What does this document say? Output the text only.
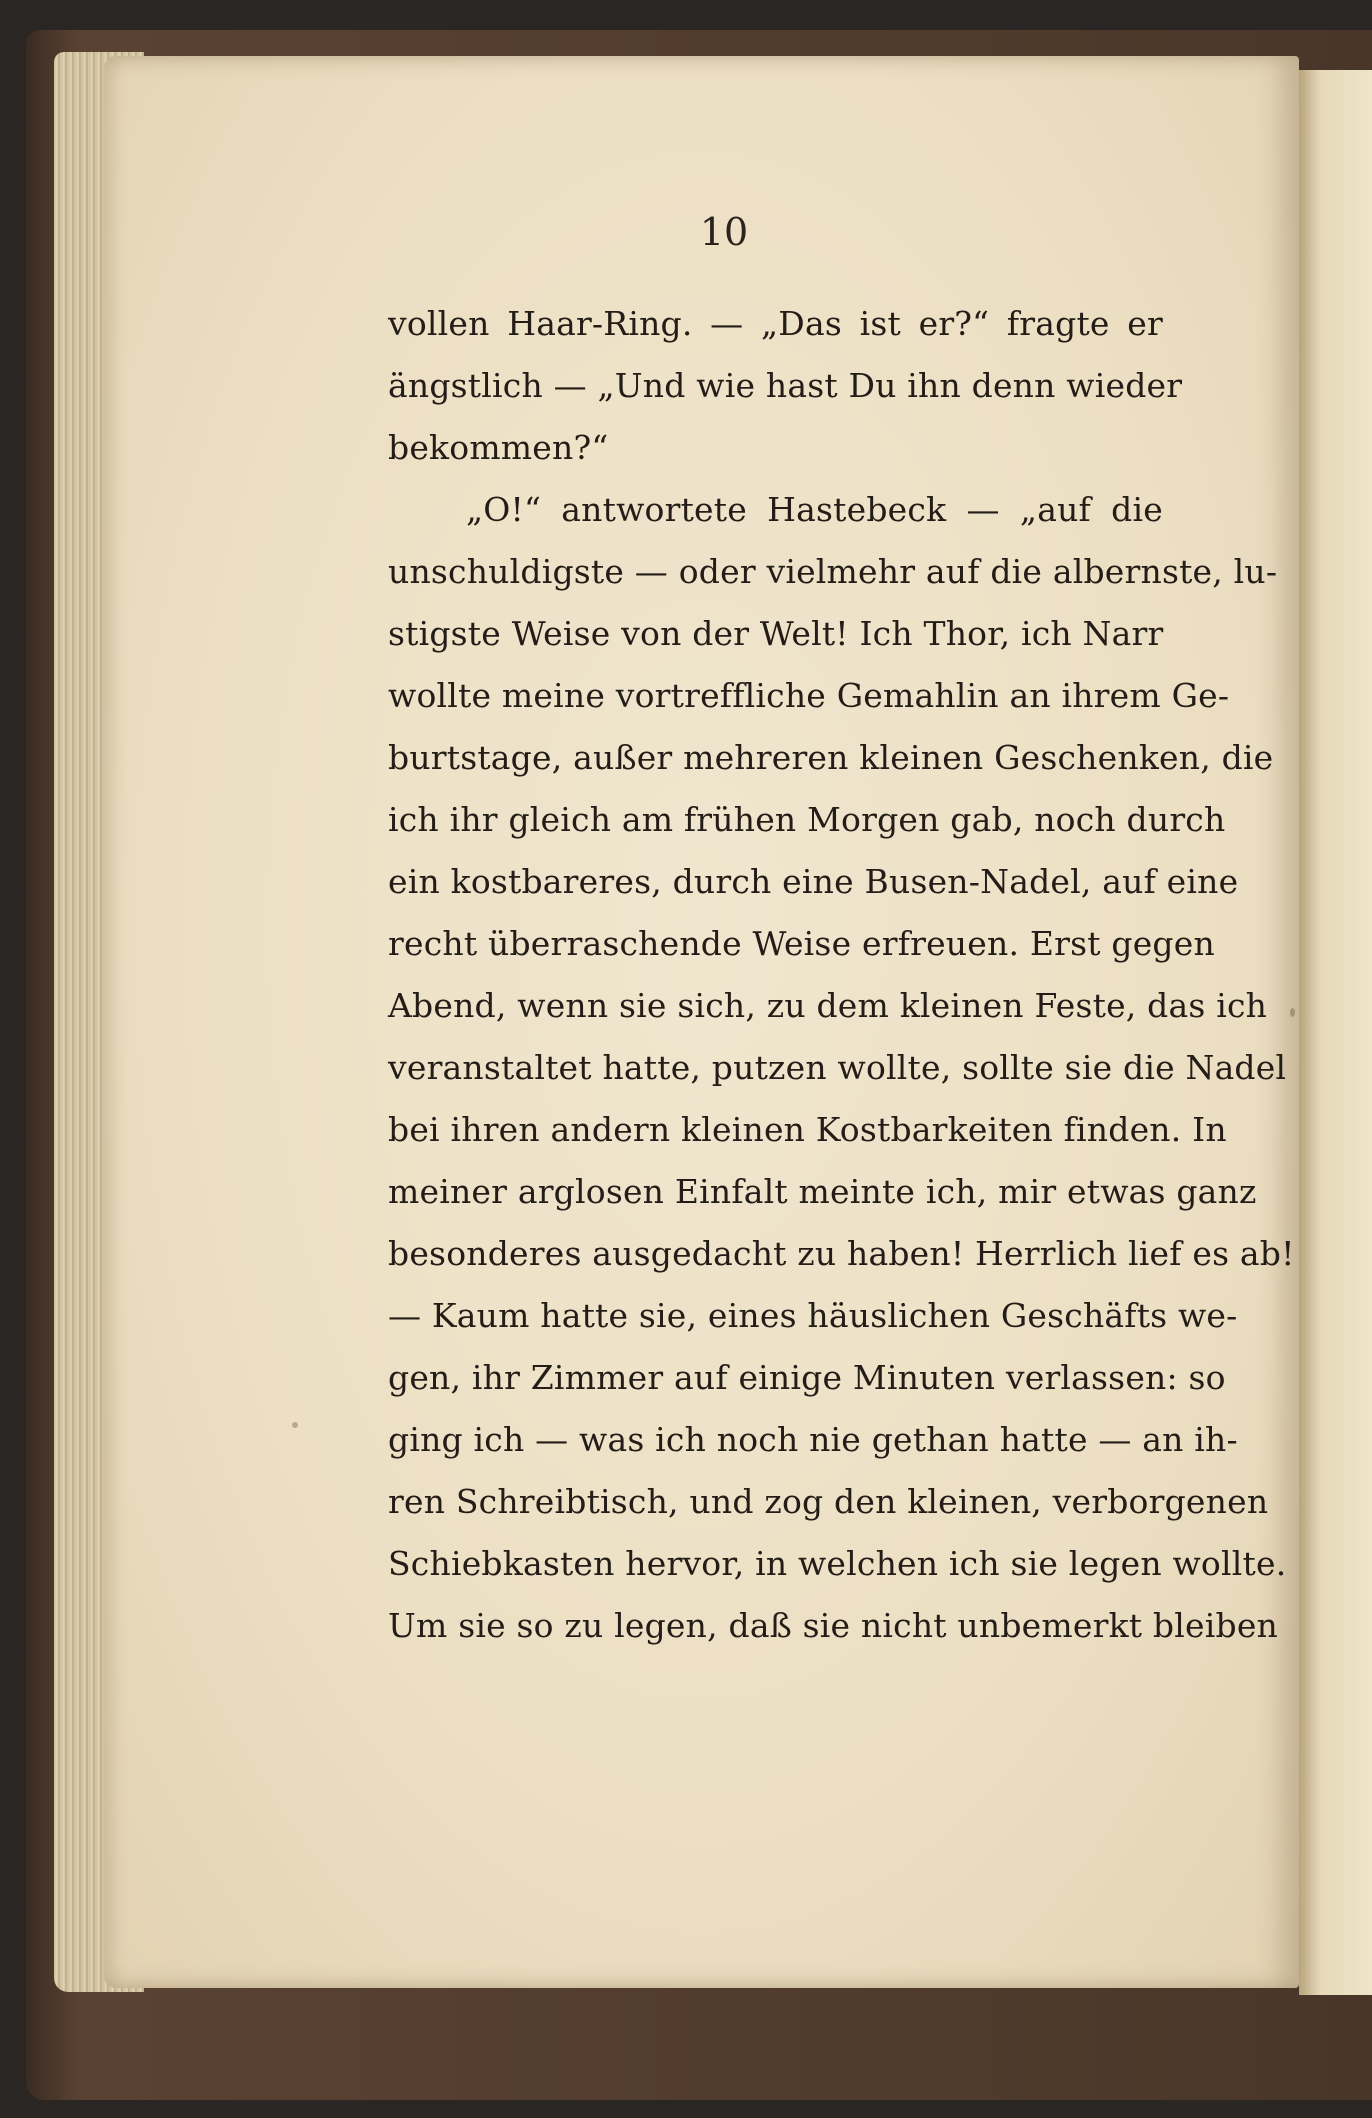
10
vollen Haar-Ring. — „Das ist er?“ fragte er
ängstlich — „Und wie hast Du ihn denn wieder
bekommen?“
„O!“ antwortete Hastebeck — „auf die
unschuldigste — oder vielmehr auf die albernste, lu-
stigste Weise von der Welt! Ich Thor, ich Narr
wollte meine vortreffliche Gemahlin an ihrem Ge-
burtstage, außer mehreren kleinen Geschenken, die
ich ihr gleich am frühen Morgen gab, noch durch
ein kostbareres, durch eine Busen-Nadel, auf eine
recht überraschende Weise erfreuen. Erst gegen
Abend, wenn sie sich, zu dem kleinen Feste, das ich
veranstaltet hatte, putzen wollte, sollte sie die Nadel
bei ihren andern kleinen Kostbarkeiten finden. In
meiner arglosen Einfalt meinte ich, mir etwas ganz
besonderes ausgedacht zu haben! Herrlich lief es ab!
— Kaum hatte sie, eines häuslichen Geschäfts we-
gen, ihr Zimmer auf einige Minuten verlassen: so
ging ich — was ich noch nie gethan hatte — an ih-
ren Schreibtisch, und zog den kleinen, verborgenen
Schiebkasten hervor, in welchen ich sie legen wollte.
Um sie so zu legen, daß sie nicht unbemerkt bleiben
